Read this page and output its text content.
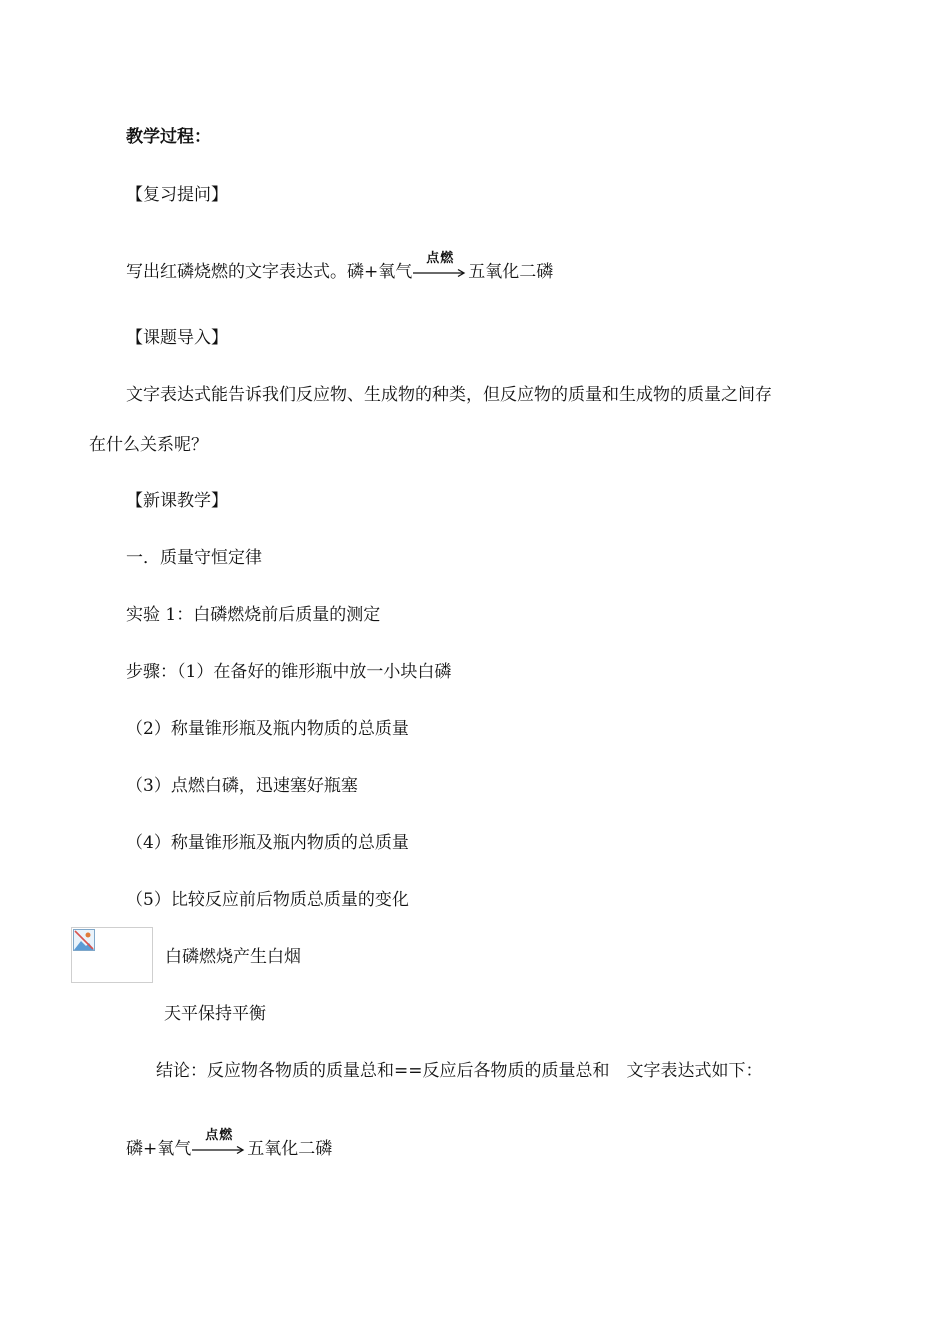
教学过程：
【复习提问】
写出红磷烧燃的文字表达式。磷+氧气
点燃
五氧化二磷
【课题导入】
文字表达式能告诉我们反应物、生成物的种类，但反应物的质量和生成物的质量之间存
在什么关系呢？
【新课教学】
一．质量守恒定律
实验 1：白磷燃烧前后质量的测定
步骤：（1）在备好的锥形瓶中放一小块白磷
（2）称量锥形瓶及瓶内物质的总质量
（3）点燃白磷，迅速塞好瓶塞
（4）称量锥形瓶及瓶内物质的总质量
（5）比较反应前后物质总质量的变化
白磷燃烧产生白烟
天平保持平衡
结论：反应物各物质的质量总和==反应后各物质的质量总和　文字表达式如下：
磷+氧气
点燃
五氧化二磷
